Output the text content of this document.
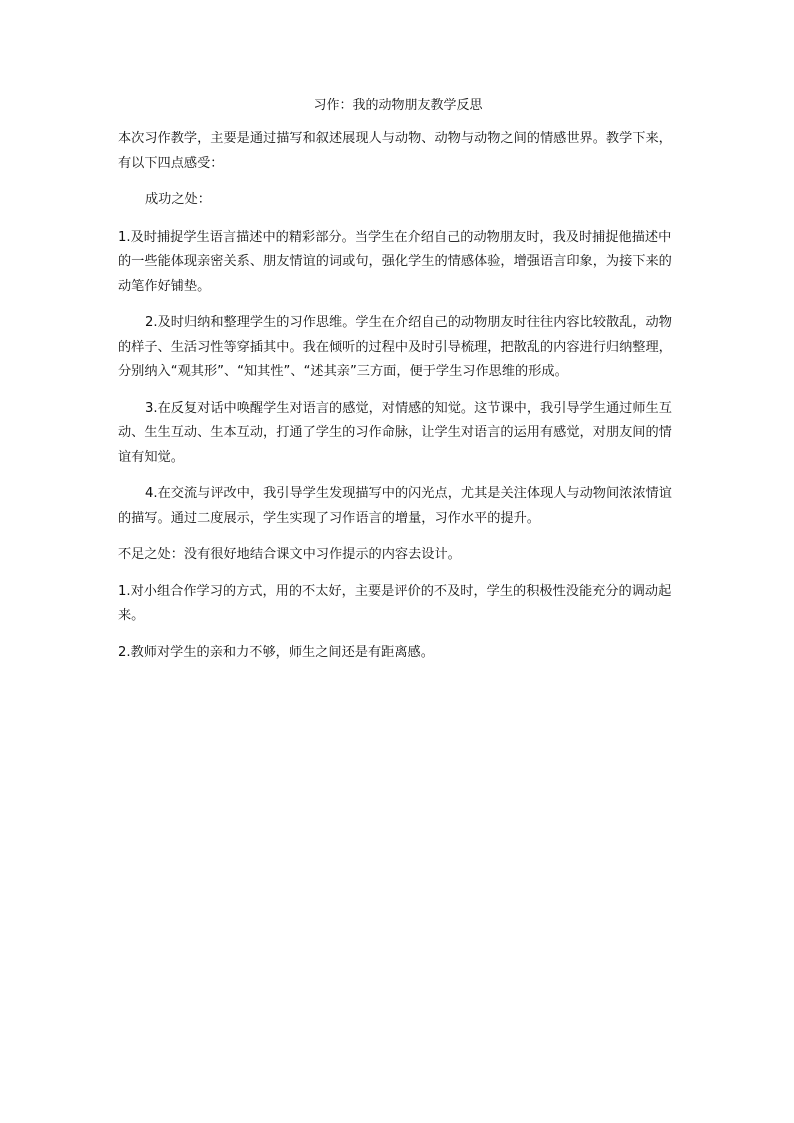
习作：我的动物朋友教学反思

本次习作教学，主要是通过描写和叙述展现人与动物、动物与动物之间的情感世界。教学下来，有以下四点感受：

成功之处：

1.及时捕捉学生语言描述中的精彩部分。当学生在介绍自己的动物朋友时，我及时捕捉他描述中的一些能体现亲密关系、朋友情谊的词或句，强化学生的情感体验，增强语言印象，为接下来的动笔作好铺垫。

2.及时归纳和整理学生的习作思维。学生在介绍自己的动物朋友时往往内容比较散乱，动物的样子、生活习性等穿插其中。我在倾听的过程中及时引导梳理，把散乱的内容进行归纳整理，分别纳入“观其形”、“知其性”、“述其亲”三方面，便于学生习作思维的形成。

3.在反复对话中唤醒学生对语言的感觉，对情感的知觉。这节课中，我引导学生通过师生互动、生生互动、生本互动，打通了学生的习作命脉，让学生对语言的运用有感觉，对朋友间的情谊有知觉。

4.在交流与评改中，我引导学生发现描写中的闪光点，尤其是关注体现人与动物间浓浓情谊的描写。通过二度展示，学生实现了习作语言的增量，习作水平的提升。

不足之处：没有很好地结合课文中习作提示的内容去设计。

1.对小组合作学习的方式，用的不太好，主要是评价的不及时，学生的积极性没能充分的调动起来。

2.教师对学生的亲和力不够，师生之间还是有距离感。
